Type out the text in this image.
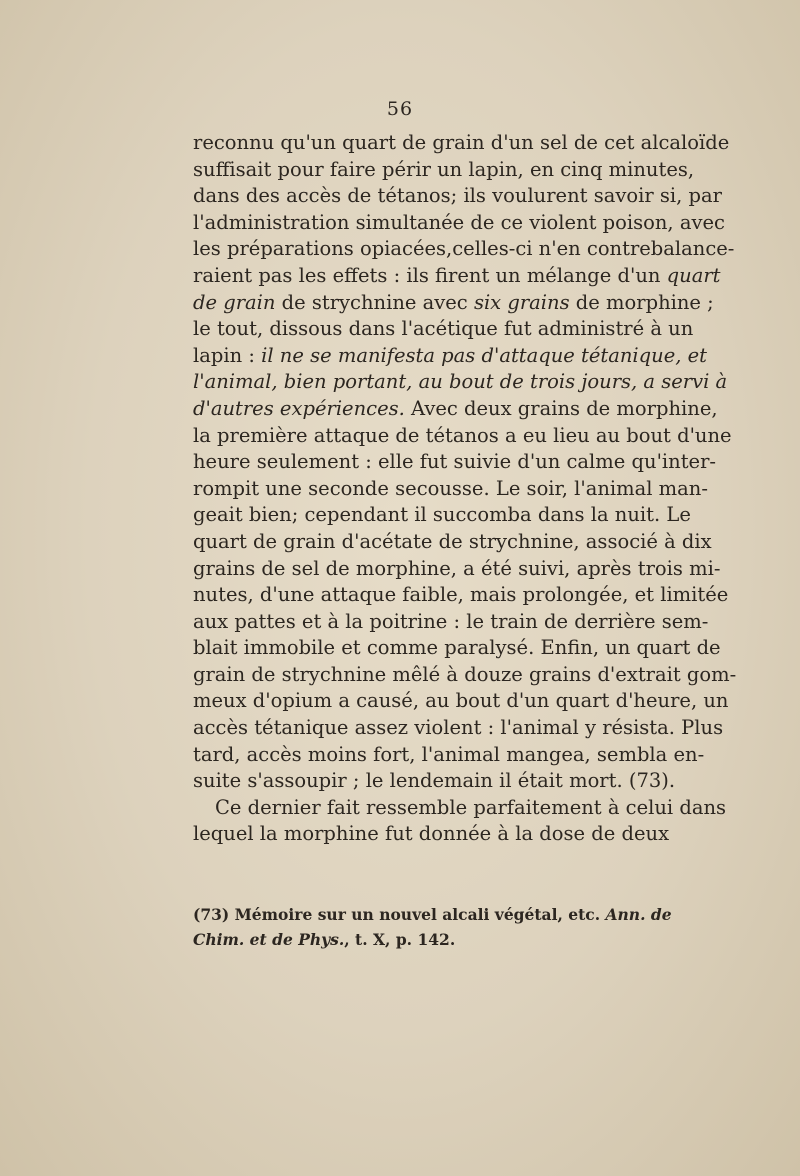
56
reconnu qu'un quart de grain d'un sel de cet alcaloïde
suffisait pour faire périr un lapin, en cinq minutes,
dans des accès de tétanos; ils voulurent savoir si, par
l'administration simultanée de ce violent poison, avec
les préparations opiacées,celles-ci n'en contrebalance-
raient pas les effets : ils firent un mélange d'un quart
de grain de strychnine avec six grains de morphine ;
le tout, dissous dans l'acétique fut administré à un
lapin : il ne se manifesta pas d'attaque tétanique, et
l'animal, bien portant, au bout de trois jours, a servi à
d'autres expériences. Avec deux grains de morphine,
la première attaque de tétanos a eu lieu au bout d'une
heure seulement : elle fut suivie d'un calme qu'inter-
rompit une seconde secousse. Le soir, l'animal man-
geait bien; cependant il succomba dans la nuit. Le
quart de grain d'acétate de strychnine, associé à dix
grains de sel de morphine, a été suivi, après trois mi-
nutes, d'une attaque faible, mais prolongée, et limitée
aux pattes et à la poitrine : le train de derrière sem-
blait immobile et comme paralysé. Enfin, un quart de
grain de strychnine mêlé à douze grains d'extrait gom-
meux d'opium a causé, au bout d'un quart d'heure, un
accès tétanique assez violent : l'animal y résista. Plus
tard, accès moins fort, l'animal mangea, sembla en-
suite s'assoupir ; le lendemain il était mort. (73).
Ce dernier fait ressemble parfaitement à celui dans
lequel la morphine fut donnée à la dose de deux
(73) Mémoire sur un nouvel alcali végétal, etc. Ann. de
Chim. et de Phys., t. X, p. 142.
